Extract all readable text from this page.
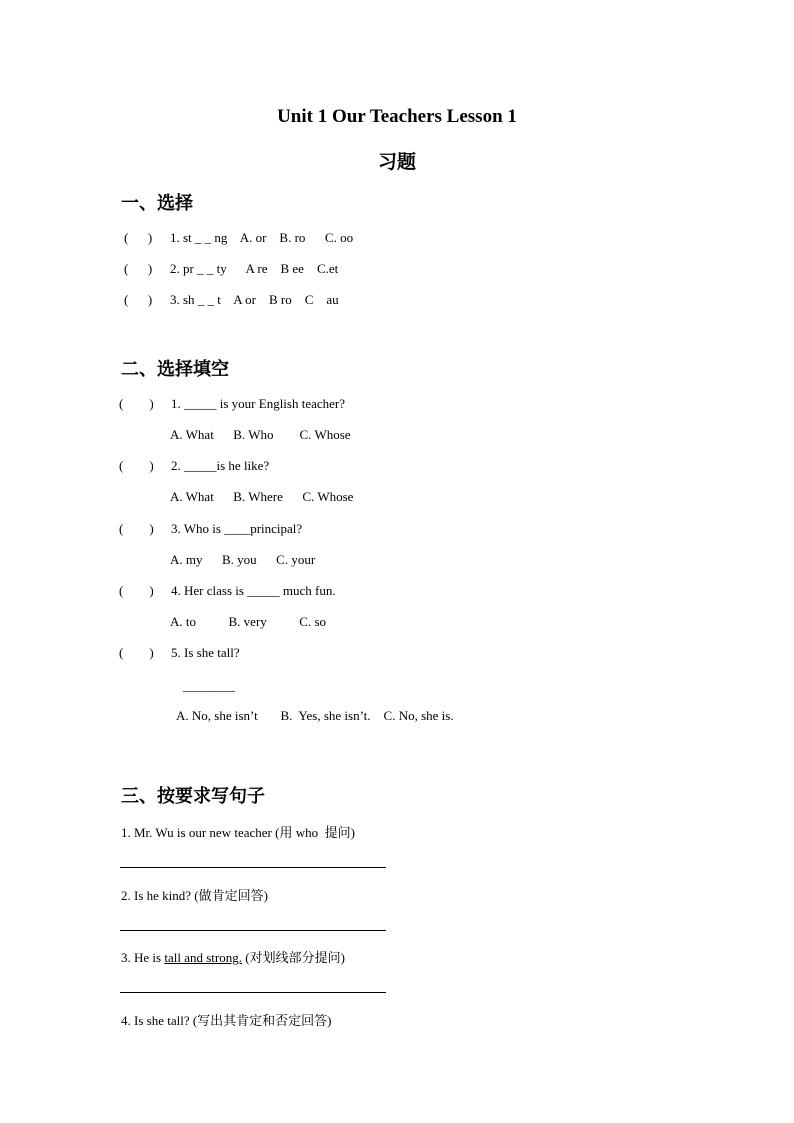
Unit 1 Our Teachers Lesson 1
习题
一、选择
(      ) 1. st _ _ ng    A. or    B. ro      C. oo
(      ) 2. pr _ _ ty      A re    B ee    C.et
(      ) 3. sh _ _ t    A or    B ro    C    au
二、选择填空
(        ) 1. _____ is your English teacher?
A. What      B. Who        C. Whose
(        ) 2. _____is he like?
A. What      B. Where      C. Whose
(        ) 3. Who is ____principal?
A. my      B. you      C. your
(        ) 4. Her class is _____ much fun.
A. to          B. very          C. so
(        ) 5. Is she tall?
________
A. No, she isn’t       B.  Yes, she isn’t.    C. No, she is.
三、按要求写句子
1. Mr. Wu is our new teacher (用 who  提问)
2. Is he kind? (做肯定回答)
3. He is tall and strong. (对划线部分提问)
4. Is she tall? (写出其肯定和否定回答)
